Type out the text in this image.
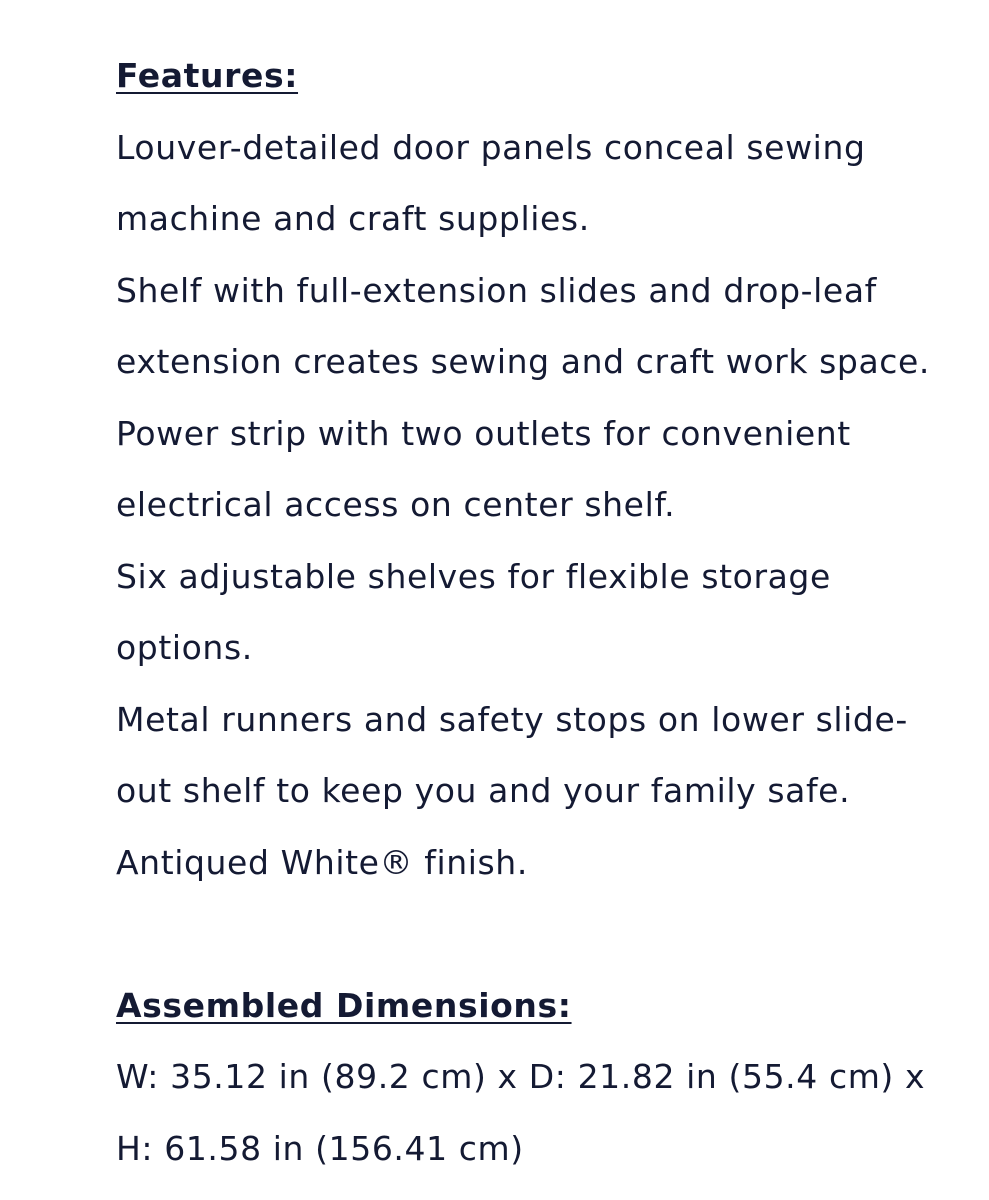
Features:
Louver-detailed door panels conceal sewing
machine and craft supplies.
Shelf with full-extension slides and drop-leaf
extension creates sewing and craft work space.
Power strip with two outlets for convenient
electrical access on center shelf.
Six adjustable shelves for flexible storage
options.
Metal runners and safety stops on lower slide-
out shelf to keep you and your family safe.
Antiqued White® finish.
Assembled Dimensions:
W: 35.12 in (89.2 cm) x D: 21.82 in (55.4 cm) x
H: 61.58 in (156.41 cm)
